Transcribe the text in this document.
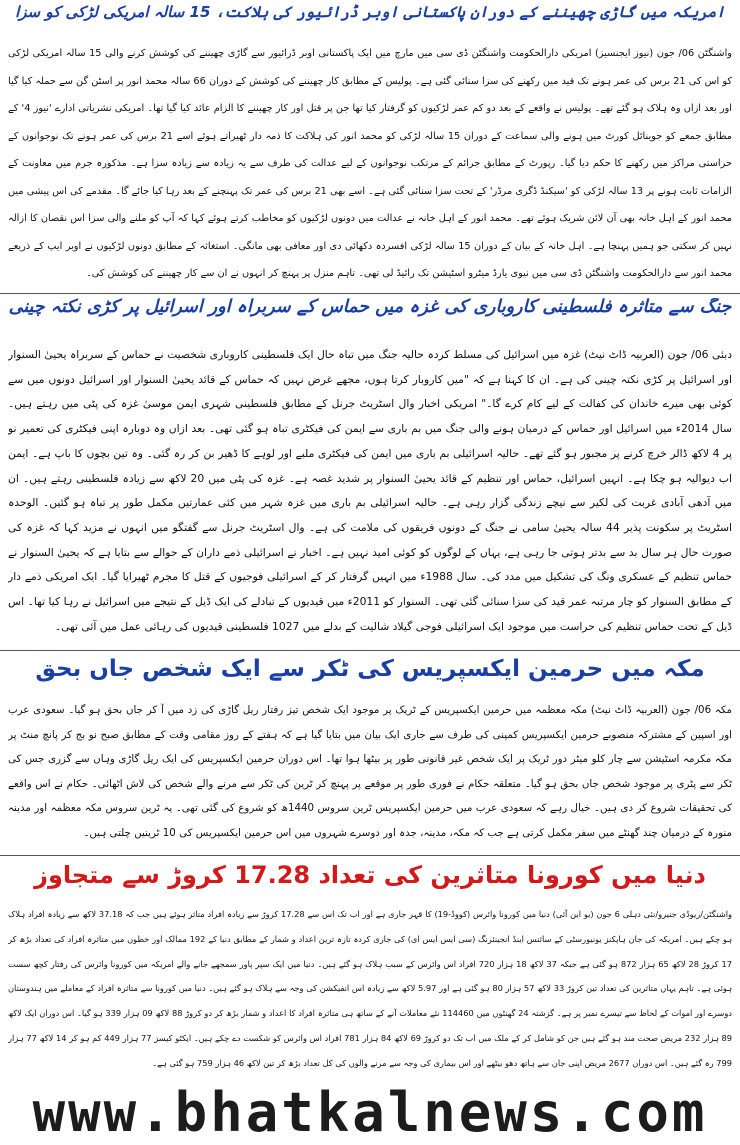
امریکہ میں گاڑی چھیننے کے دوران پاکستانی اوبر ڈرائیور کی ہلاکت، 15 سالہ امریکی لڑکی کو سزا

واشنگٹن 06/ جون (نیوز ایجنسیز) امریکی دارالحکومت واشنگٹن ڈی سی میں مارچ میں ایک پاکستانی اوبر ڈرائیور سے گاڑی چھیننے کی کوشش کرنے والی 15 سالہ امریکی لڑکی کو اس کی 21 برس کی عمر ہونے تک قید میں رکھنے کی سزا سنائی گئی ہے۔ پولیس کے مطابق کار چھیننے کی کوشش کے دوران 66 سالہ محمد انور پر اسٹن گن سے حملہ کیا گیا اور بعد ازاں وہ ہلاک ہو گئے تھے۔ پولیس نے واقعے کے بعد دو کم عمر لڑکیوں کو گرفتار کیا تھا جن پر قتل اور کار چھیننے کا الزام عائد کیا گیا تھا۔ امریکی نشریاتی ادارے 'نیوز 4' کے مطابق جمعے کو جوینائل کورٹ میں ہونے والی سماعت کے دوران 15 سالہ لڑکی کو محمد انور کی ہلاکت کا ذمہ دار ٹھیراتے ہوئے اسے 21 برس کی عمر ہونے تک نوجوانوں کے حراستی مراکز میں رکھنے کا حکم دیا گیا۔ رپورٹ کے مطابق جرائم کے مرتکب نوجوانوں کے لیے عدالت کی طرف سے یہ زیادہ سے زیادہ سزا ہے۔ مذکورہ جرم میں معاونت کے الزامات ثابت ہونے پر 13 سالہ لڑکی کو 'سیکنڈ ڈگری مرڈر' کے تحت سزا سنائی گئی ہے۔ اسے بھی 21 برس کی عمر تک پہنچنے کے بعد رہا کیا جائے گا۔ مقدمے کی اس پیشی میں محمد انور کے اہل خانہ بھی آن لائن شریک ہوئے تھے۔ محمد انور کے اہل خانہ نے عدالت میں دونوں لڑکیوں کو مخاطب کرتے ہوئے کہا کہ آپ کو ملنے والی سزا اس نقصان کا ازالہ نہیں کر سکتی جو ہمیں پہنچا ہے۔ اہل خانہ کے بیان کے دوران 15 سالہ لڑکی افسردہ دکھائی دی اور معافی بھی مانگی۔ استغاثہ کے مطابق دونوں لڑکیوں نے اوبر ایپ کے ذریعے محمد انور سے دارالحکومت واشنگٹن ڈی سی میں نیوی یارڈ میٹرو اسٹیشن تک رائیڈ لی تھی۔ تاہم منزل پر پہنچ کر انہوں نے ان سے کار چھیننے کی کوشش کی۔

جنگ سے متاثرہ فلسطینی کاروباری کی غزہ میں حماس کے سربراہ اور اسرائیل پر کڑی نکتہ چینی

دبئی 06/ جون (العربیہ ڈاٹ نیٹ) غزہ میں اسرائیل کی مسلط کردہ حالیہ جنگ میں تباہ حال ایک فلسطینی کاروباری شخصیت نے حماس کے سربراہ یحییٰ السنوار اور اسرائیل پر کڑی نکتہ چینی کی ہے۔ ان کا کہنا ہے کہ "میں کاروبار کرتا ہوں، مجھے غرض نہیں کہ حماس کے قائد یحییٰ السنوار اور اسرائیل دونوں میں سے کوئی بھی میرے خاندان کی کفالت کے لیے کام کرے گا۔" امریکی اخبار وال اسٹریٹ جرنل کے مطابق فلسطینی شہری ایمن موسیٰ غزہ کی پٹی میں رہتے ہیں۔ سال 2014ء میں اسرائیل اور حماس کے درمیان ہونے والی جنگ میں بم باری سے ایمن کی فیکٹری تباہ ہو گئی تھی۔ بعد ازاں وہ دوبارہ اپنی فیکٹری کی تعمیر نو پر 4 لاکھ ڈالر خرچ کرنے پر مجبور ہو گئے تھے۔ حالیہ اسرائیلی بم باری میں ایمن کی فیکٹری ملبے اور لوہے کا ڈھیر بن کر رہ گئی۔ وہ تین بچوں کا باپ ہے۔ ایمن اب دیوالیہ ہو چکا ہے۔ انہیں اسرائیل، حماس اور تنظیم کے قائد یحییٰ السنوار پر شدید غصہ ہے۔ غزہ کی پٹی میں 20 لاکھ سے زیادہ فلسطینی رہتے ہیں۔ ان میں آدھی آبادی غربت کی لکیر سے نیچے زندگی گزار رہی ہے۔ حالیہ اسرائیلی بم باری میں غزہ شہر میں کئی عمارتیں مکمل طور پر تباہ ہو گئیں۔ الوحدہ اسٹریٹ پر سکونت پذیر 44 سالہ یحییٰ سامی نے جنگ کے دونوں فریقوں کی ملامت کی ہے۔ وال اسٹریٹ جرنل سے گفتگو میں انہوں نے مزید کہا کہ غزہ کی صورت حال ہر سال بد سے بدتر ہوتی جا رہی ہے، یہاں کے لوگوں کو کوئی امید نہیں ہے۔ اخبار نے اسرائیلی ذمے داران کے حوالے سے بتایا ہے کہ یحییٰ السنوار نے حماس تنظیم کے عسکری ونگ کی تشکیل میں مدد کی۔ سال 1988ء میں انہیں گرفتار کر کے اسرائیلی فوجیوں کے قتل کا مجرم ٹھیرایا گیا۔ ایک امریکی ذمے دار کے مطابق السنوار کو چار مرتبہ عمر قید کی سزا سنائی گئی تھی۔ السنوار کو 2011ء میں قیدیوں کے تبادلے کی ایک ڈیل کے نتیجے میں اسرائیل نے رہا کیا تھا۔ اس ڈیل کے تحت حماس تنظیم کی حراست میں موجود ایک اسرائیلی فوجی گیلاد شالیت کے بدلے میں 1027 فلسطینی قیدیوں کی رہائی عمل میں آئی تھی۔

مکہ میں حرمین ایکسپریس کی ٹکر سے ایک شخص جاں بحق

مکہ 06/ جون (العربیہ ڈاٹ نیٹ) مکہ معظمہ میں حرمین ایکسپریس کے ٹریک پر موجود ایک شخص تیز رفتار ریل گاڑی کی زد میں آ کر جاں بحق ہو گیا۔ سعودی عرب اور اسپین کے مشترکہ منصوبے حرمین ایکسپریس کمپنی کی طرف سے جاری ایک بیان میں بتایا گیا ہے کہ ہفتے کے روز مقامی وقت کے مطابق صبح نو بج کر پانچ منٹ پر مکہ مکرمہ اسٹیشن سے چار کلو میٹر دور ٹریک پر ایک شخص غیر قانونی طور پر بیٹھا ہوا تھا۔ اس دوران حرمین ایکسپریس کی ایک ریل گاڑی وہاں سے گزری جس کی ٹکر سے پٹری پر موجود شخص جاں بحق ہو گیا۔ متعلقہ حکام نے فوری طور پر موقعے پر پہنچ کر ٹرین کی ٹکر سے مرنے والے شخص کی لاش اٹھائی۔ حکام نے اس واقعے کی تحقیقات شروع کر دی ہیں۔ خیال رہے کہ سعودی عرب میں حرمین ایکسپریس ٹرین سروس 1440ھ کو شروع کی گئی تھی۔ یہ ٹرین سروس مکہ معظمہ اور مدینہ منورہ کے درمیان چند گھنٹے میں سفر مکمل کرتی ہے جب کہ مکہ، مدینہ، جدہ اور دوسرے شہروں میں اس حرمین ایکسپریس کی 10 ٹرینیں چلتی ہیں۔

دنیا میں کورونا متاثرین کی تعداد 17.28 کروڑ سے متجاوز

واشنگٹن/ریوڈی جنیرو/نئی دہلی 6 جون (یو این آئی) دنیا میں کورونا وائرس (کووڈ-19) کا قہر جاری ہے اور اب تک اس سے 17.28 کروڑ سے زیادہ افراد متاثر ہوئے ہیں جب کہ 37.18 لاکھ سے زیادہ افراد ہلاک ہو چکے ہیں۔ امریکہ کی جان ہاپکنز یونیورسٹی کے سائنس اینڈ انجینئرنگ (سی ایس ایس ای) کی جاری کردہ تازہ ترین اعداد و شمار کے مطابق دنیا کے 192 ممالک اور خطوں میں متاثرہ افراد کی تعداد بڑھ کر 17 کروڑ 28 لاکھ 65 ہزار 872 ہو گئی ہے جبکہ 37 لاکھ 18 ہزار 720 افراد اس وائرس کے سبب ہلاک ہو گئے ہیں۔ دنیا میں ایک سپر پاور سمجھے جانے والے امریکہ میں کورونا وائرس کی رفتار کچھ سست ہوئی ہے۔ تاہم یہاں متاثرین کی تعداد تین کروڑ 33 لاکھ 57 ہزار 80 ہو گئی ہے اور 5.97 لاکھ سے زیادہ اس انفیکشن کی وجہ سے ہلاک ہو گئے ہیں۔ دنیا میں کورونا سے متاثرہ افراد کے معاملے میں ہندوستان دوسرے اور اموات کے لحاظ سے تیسرے نمبر پر ہے۔ گزشتہ 24 گھنٹوں میں 114460 نئے معاملات آنے کے ساتھ ہی متاثرہ افراد کا اعداد و شمار بڑھ کر دو کروڑ 88 لاکھ 09 ہزار 339 ہو گیا۔ اس دوران ایک لاکھ 89 ہزار 232 مریض صحت مند ہو گئے ہیں جن کو شامل کر کے ملک میں اب تک دو کروڑ 69 لاکھ 84 ہزار 781 افراد اس وائرس کو شکست دے چکے ہیں۔ ایکٹو کیسز 77 ہزار 449 کم ہو کر 14 لاکھ 77 ہزار 799 رہ گئے ہیں۔ اس دوران 2677 مریض اپنی جان سے ہاتھ دھو بیٹھے اور اس بیماری کی وجہ سے مرنے والوں کی کل تعداد بڑھ کر تین لاکھ 46 ہزار 759 ہو گئی ہے۔

www.bhatkalnews.com
